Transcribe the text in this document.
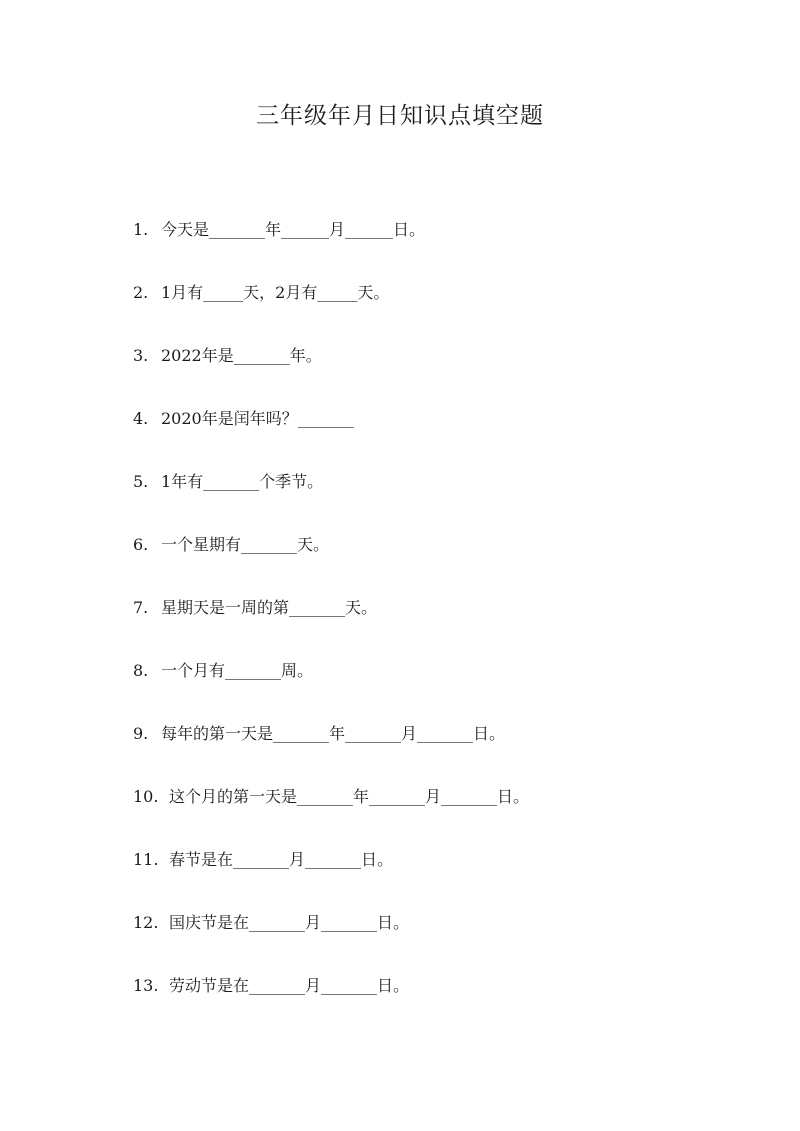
三年级年月日知识点填空题
1. 今天是_______年______月______日。
2. 1月有_____天，2月有_____天。
3. 2022年是_______年。
4. 2020年是闰年吗？_______
5. 1年有_______个季节。
6. 一个星期有_______天。
7. 星期天是一周的第_______天。
8. 一个月有_______周。
9. 每年的第一天是_______年_______月_______日。
10. 这个月的第一天是_______年_______月_______日。
11. 春节是在_______月_______日。
12. 国庆节是在_______月_______日。
13. 劳动节是在_______月_______日。
